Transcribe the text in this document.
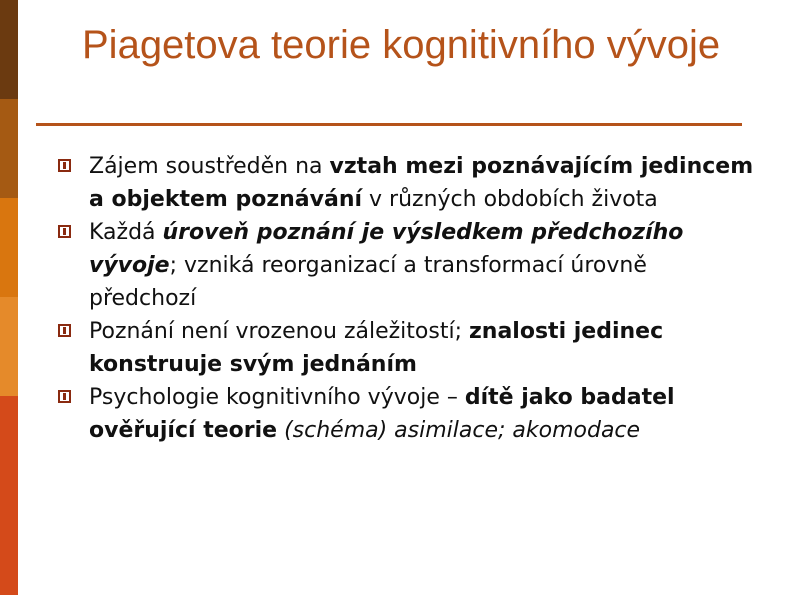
Piagetova teorie kognitivního vývoje
Zájem soustředěn na vztah mezi poznávajícím jedincem a objektem poznávání v různých obdobích života
Každá úroveň poznání je výsledkem předchozího vývoje; vzniká reorganizací a transformací úrovně předchozí
Poznání není vrozenou záležitostí; znalosti jedinec konstruuje svým jednáním
Psychologie kognitivního vývoje – dítě jako badatel ověřující teorie (schéma) asimilace; akomodace
